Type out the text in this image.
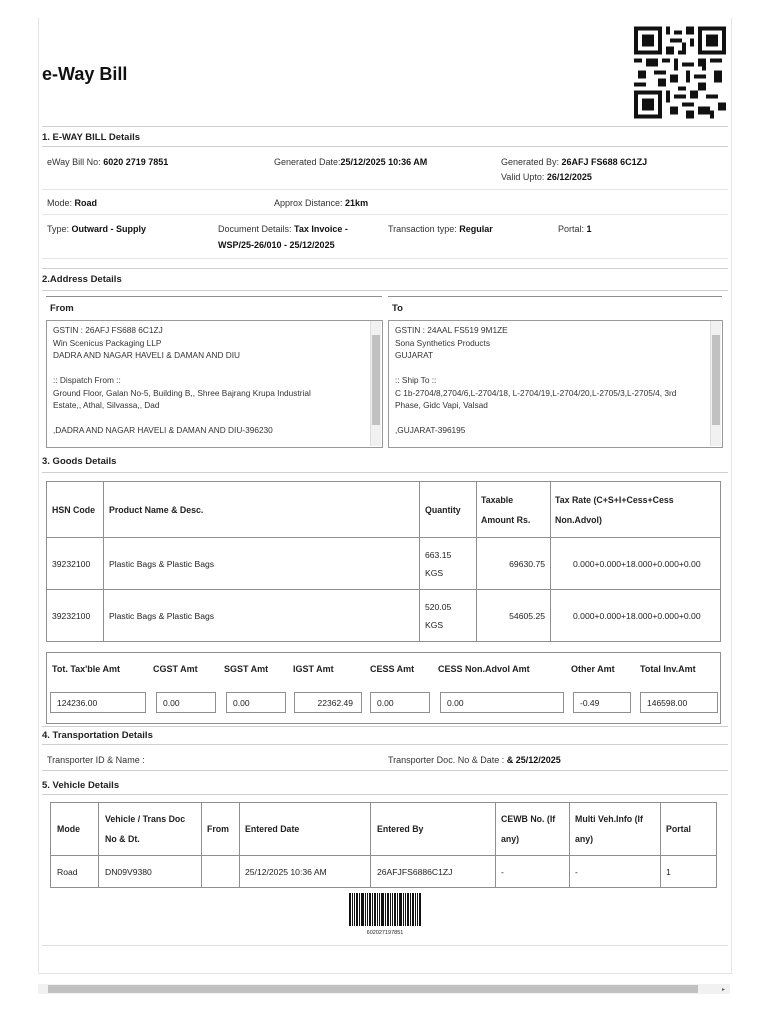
e-Way Bill
1. E-WAY BILL Details
eWay Bill No: 6020 2719 7851	Generated Date:25/12/2025 10:36 AM	Generated By: 26AFJ FS688 6C1ZJ
Valid Upto: 26/12/2025
Mode: Road	Approx Distance: 21km
Type: Outward - Supply	Document Details: Tax Invoice -
WSP/25-26/010 - 25/12/2025
Transaction type: Regular	Portal: 1
2.Address Details
From	To
GSTIN : 26AFJ FS688 6C1ZJ
Win Scenicus Packaging LLP
DADRA AND NAGAR HAVELI & DAMAN AND DIU
:: Dispatch From ::
Ground Floor, Galan No-5, Building B,, Shree Bajrang Krupa Industrial
Estate,, Athal, Silvassa,, Dad
,DADRA AND NAGAR HAVELI & DAMAN AND DIU-396230
GSTIN : 24AAL FS519 9M1ZE
Sona Synthetics Products
GUJARAT
:: Ship To ::
C 1b-2704/8,2704/6,L-2704/18, L-2704/19,L-2704/20,L-2705/3,L-2705/4, 3rd
Phase, Gidc Vapi, Valsad
,GUJARAT-396195
3. Goods Details
HSN Code	Product Name & Desc.	Quantity	Taxable Amount Rs.	Tax Rate (C+S+I+Cess+Cess Non.Advol)
39232100	Plastic Bags & Plastic Bags	663.15 KGS	69630.75	0.000+0.000+18.000+0.000+0.00
39232100	Plastic Bags & Plastic Bags	520.05 KGS	54605.25	0.000+0.000+18.000+0.000+0.00
Tot. Tax'ble Amt	CGST Amt	SGST Amt	IGST Amt	CESS Amt	CESS Non.Advol Amt	Other Amt	Total Inv.Amt
124236.00	0.00	0.00	22362.49	0.00	0.00	-0.49	146598.00
4. Transportation Details
Transporter ID & Name :	Transporter Doc. No & Date : & 25/12/2025
5. Vehicle Details
Mode	Vehicle / Trans Doc No & Dt.	From	Entered Date	Entered By	CEWB No. (If any)	Multi Veh.Info (If any)	Portal
Road	DN09V9380		25/12/2025 10:36 AM	26AFJFS6886C1ZJ	-	-	1
602027197851
▸
